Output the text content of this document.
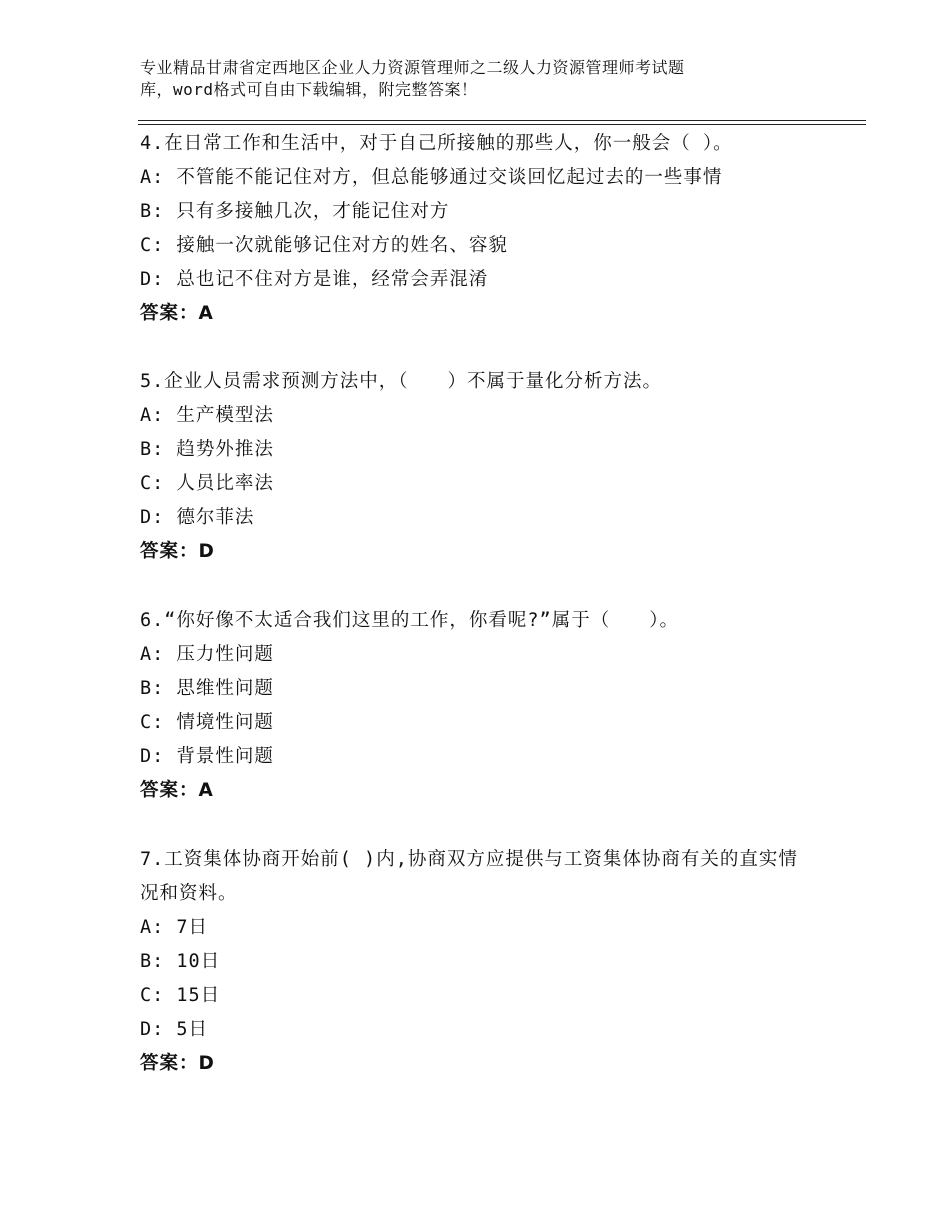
专业精品甘肃省定西地区企业人力资源管理师之二级人力资源管理师考试题
库，word格式可自由下载编辑，附完整答案！
4.在日常工作和生活中，对于自己所接触的那些人，你一般会（ ）。
A: 不管能不能记住对方，但总能够通过交谈回忆起过去的一些事情
B: 只有多接触几次，才能记住对方
C: 接触一次就能够记住对方的姓名、容貌
D: 总也记不住对方是谁，经常会弄混淆
答案：A
5.企业人员需求预测方法中，（　　）不属于量化分析方法。
A: 生产模型法
B: 趋势外推法
C: 人员比率法
D: 德尔菲法
答案：D
6.“你好像不太适合我们这里的工作，你看呢?”属于（　　）。
A: 压力性问题
B: 思维性问题
C: 情境性问题
D: 背景性问题
答案：A
7.工资集体协商开始前( )内,协商双方应提供与工资集体协商有关的直实情况和资料。
A: 7日
B: 10日
C: 15日
D: 5日
答案：D
